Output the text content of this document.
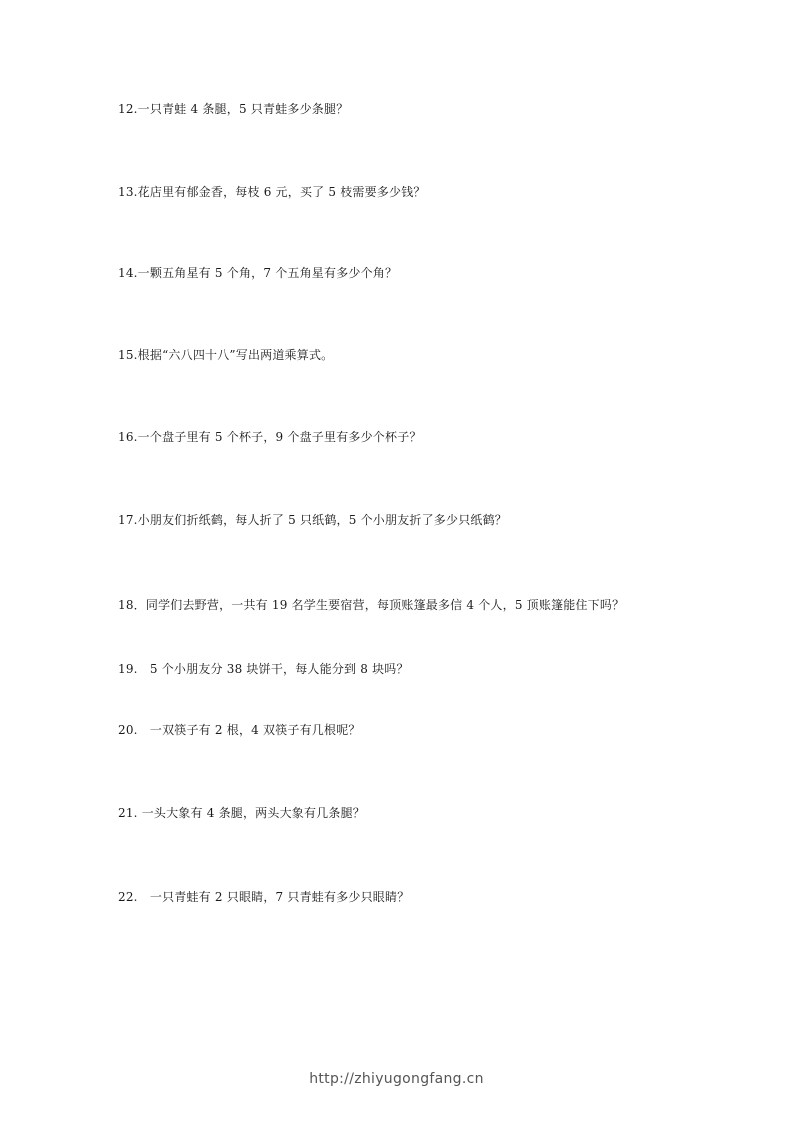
12.一只青蛙 4 条腿，5 只青蛙多少条腿？
13.花店里有郁金香，每枝 6 元，买了 5 枝需要多少钱？
14.一颗五角星有 5 个角，7 个五角星有多少个角？
15.根据“六八四十八”写出两道乘算式。
16.一个盘子里有 5 个杯子，9 个盘子里有多少个杯子？
17.小朋友们折纸鹤，每人折了 5 只纸鹤，5 个小朋友折了多少只纸鹤？
18．同学们去野营，一共有 19 名学生要宿营，每顶账篷最多信 4 个人，5 顶账篷能住下吗？
19.　5 个小朋友分 38 块饼干，每人能分到 8 块吗？
20.　一双筷子有 2 根，4 双筷子有几根呢？
21. 一头大象有 4 条腿，两头大象有几条腿？
22.　一只青蛙有 2 只眼睛，7 只青蛙有多少只眼睛？
http://zhiyugongfang.cn
